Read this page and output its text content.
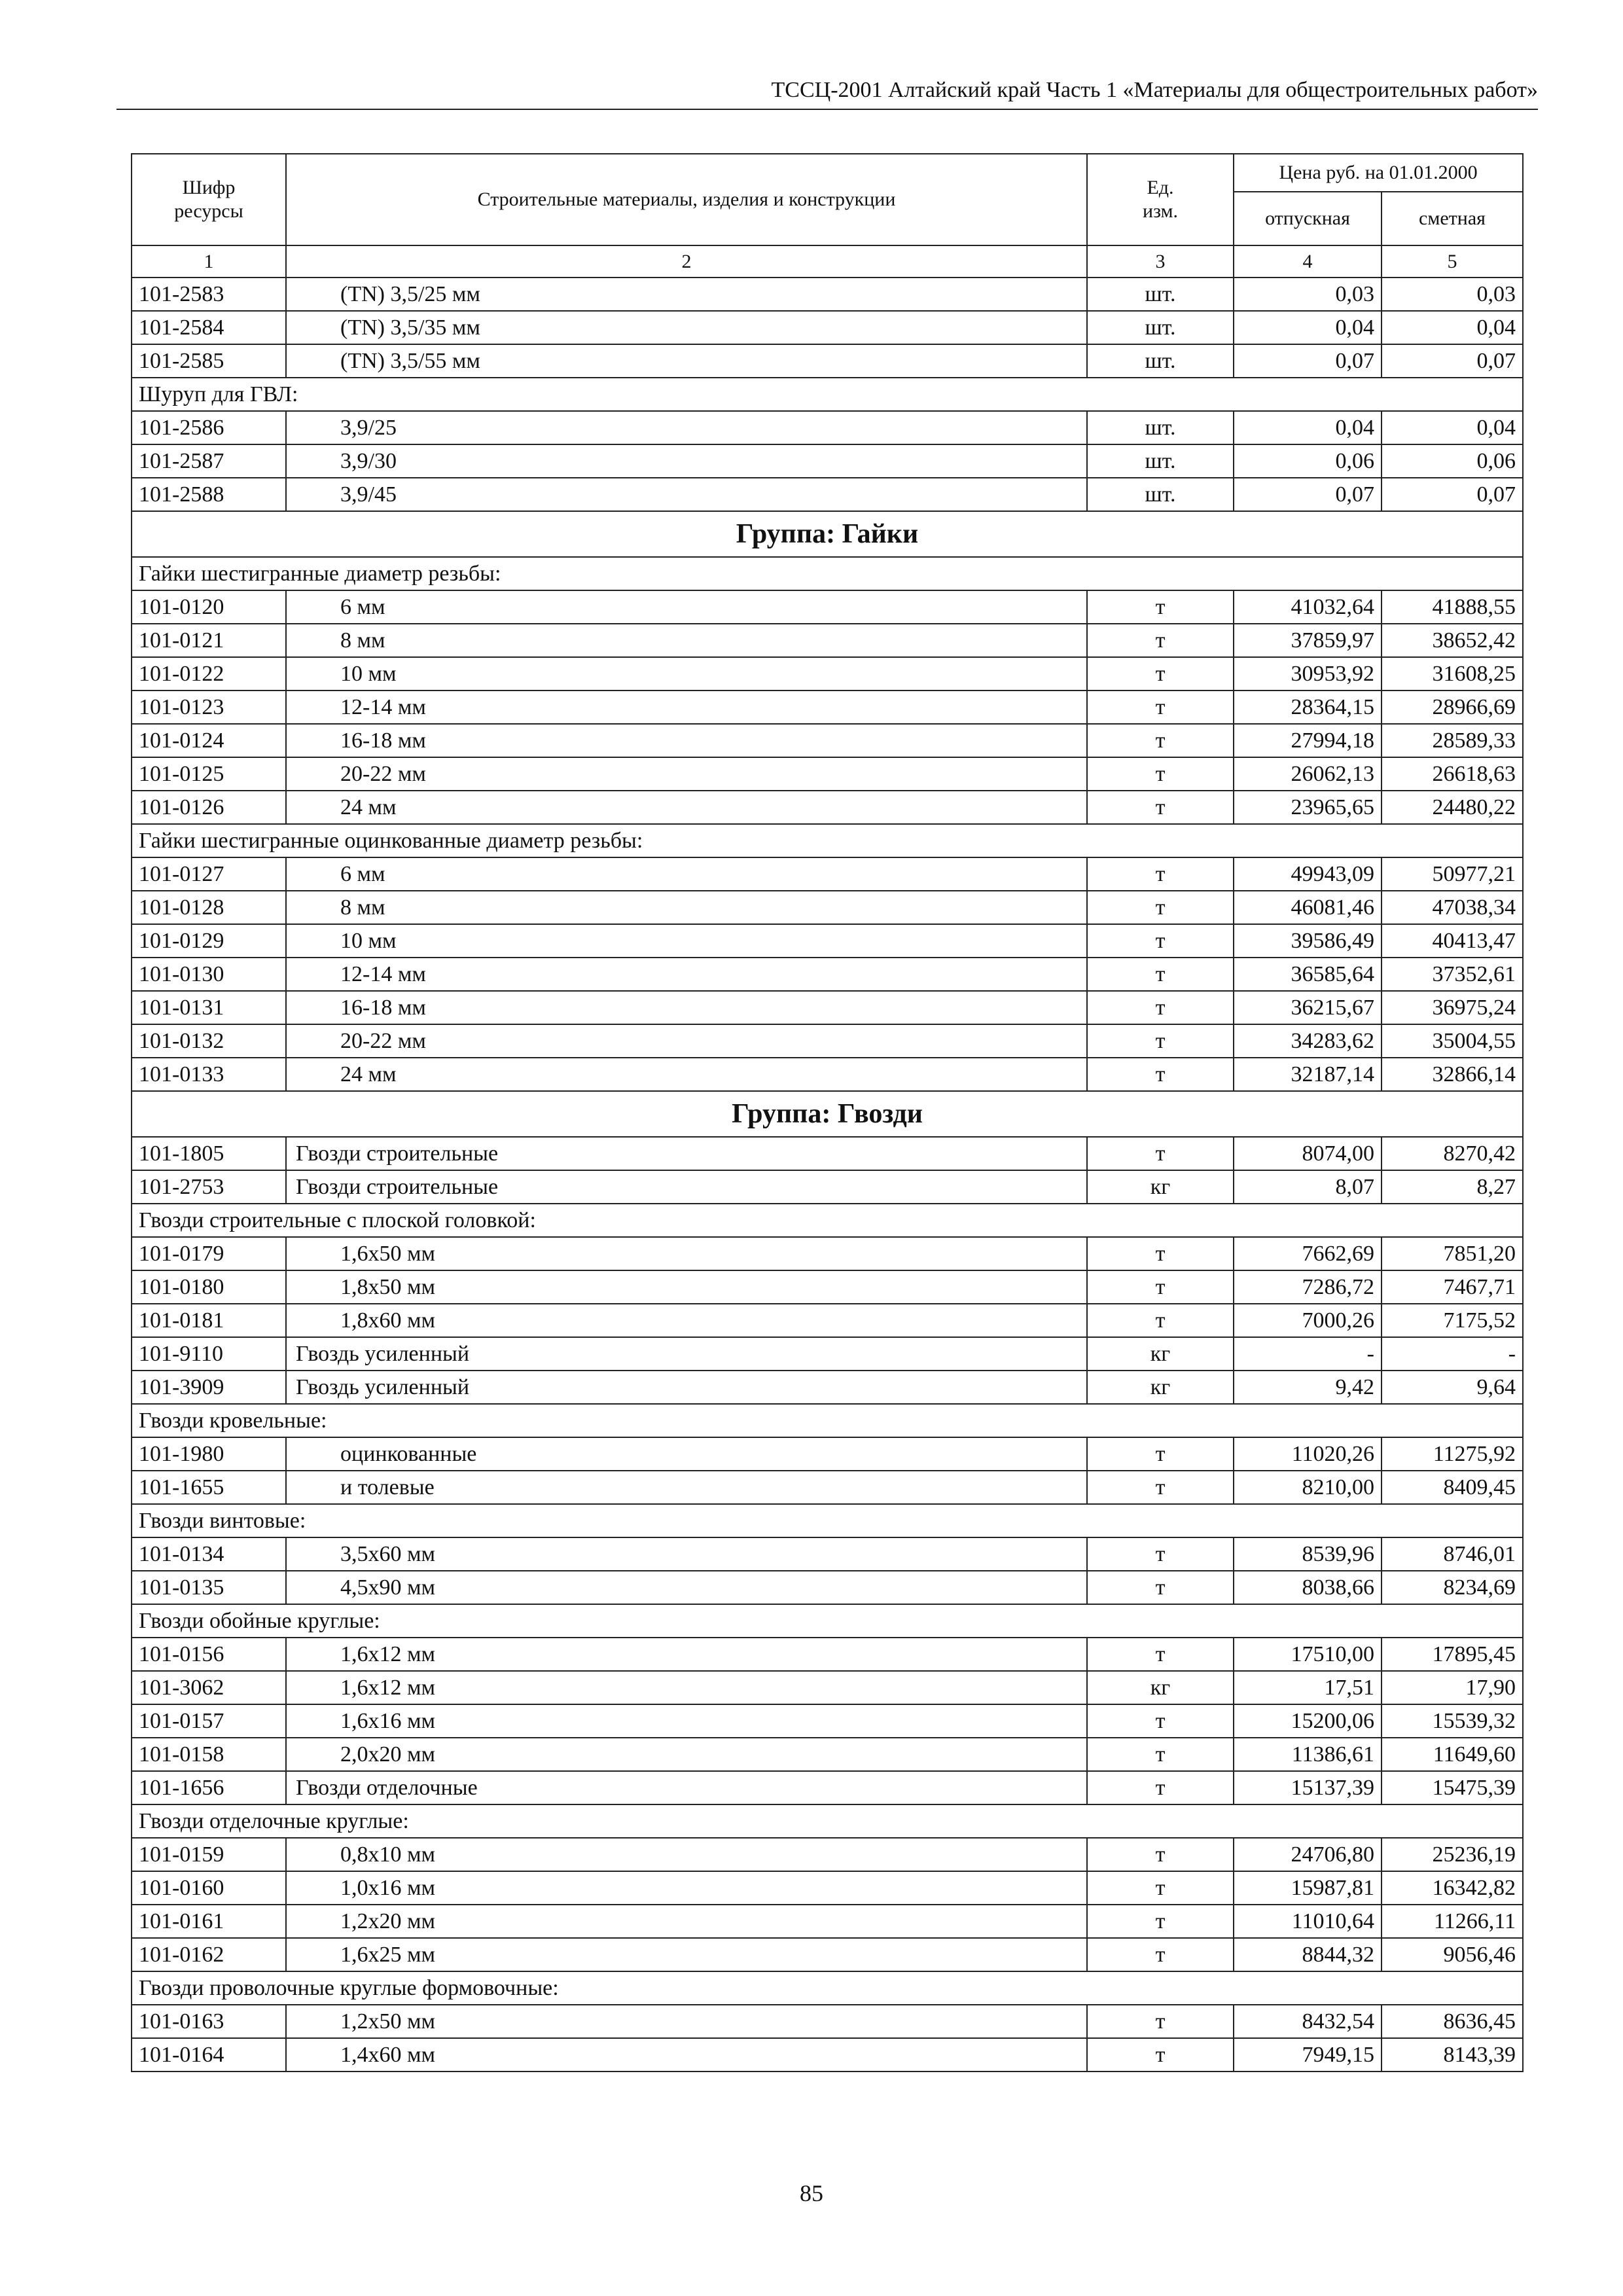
ТССЦ-2001 Алтайский край Часть 1 «Материалы для общестроительных работ»
Шифр ресурсы	Строительные материалы, изделия и конструкции	Ед. изм.	Цена руб. на 01.01.2000	
			отпускная	сметная
1	2	3	4	5
101-2583	(TN) 3,5/25 мм	шт.	0,03	0,03
101-2584	(TN) 3,5/35 мм	шт.	0,04	0,04
101-2585	(TN) 3,5/55 мм	шт.	0,07	0,07
Шуруп для ГВЛ:				
101-2586	3,9/25	шт.	0,04	0,04
101-2587	3,9/30	шт.	0,06	0,06
101-2588	3,9/45	шт.	0,07	0,07
Группа: Гайки				
Гайки шестигранные диаметр резьбы:				
101-0120	6 мм	т	41032,64	41888,55
101-0121	8 мм	т	37859,97	38652,42
101-0122	10 мм	т	30953,92	31608,25
101-0123	12-14 мм	т	28364,15	28966,69
101-0124	16-18 мм	т	27994,18	28589,33
101-0125	20-22 мм	т	26062,13	26618,63
101-0126	24 мм	т	23965,65	24480,22
Гайки шестигранные оцинкованные диаметр резьбы:				
101-0127	6 мм	т	49943,09	50977,21
101-0128	8 мм	т	46081,46	47038,34
101-0129	10 мм	т	39586,49	40413,47
101-0130	12-14 мм	т	36585,64	37352,61
101-0131	16-18 мм	т	36215,67	36975,24
101-0132	20-22 мм	т	34283,62	35004,55
101-0133	24 мм	т	32187,14	32866,14
Группа: Гвозди				
101-1805	Гвозди строительные	т	8074,00	8270,42
101-2753	Гвозди строительные	кг	8,07	8,27
Гвозди строительные с плоской головкой:				
101-0179	1,6х50 мм	т	7662,69	7851,20
101-0180	1,8х50 мм	т	7286,72	7467,71
101-0181	1,8х60 мм	т	7000,26	7175,52
101-9110	Гвоздь усиленный	кг	-	-
101-3909	Гвоздь усиленный	кг	9,42	9,64
Гвозди кровельные:				
101-1980	оцинкованные	т	11020,26	11275,92
101-1655	и толевые	т	8210,00	8409,45
Гвозди винтовые:				
101-0134	3,5х60 мм	т	8539,96	8746,01
101-0135	4,5х90 мм	т	8038,66	8234,69
Гвозди обойные круглые:				
101-0156	1,6х12 мм	т	17510,00	17895,45
101-3062	1,6х12 мм	кг	17,51	17,90
101-0157	1,6х16 мм	т	15200,06	15539,32
101-0158	2,0х20 мм	т	11386,61	11649,60
101-1656	Гвозди отделочные	т	15137,39	15475,39
Гвозди отделочные круглые:				
101-0159	0,8х10 мм	т	24706,80	25236,19
101-0160	1,0х16 мм	т	15987,81	16342,82
101-0161	1,2х20 мм	т	11010,64	11266,11
101-0162	1,6х25 мм	т	8844,32	9056,46
Гвозди проволочные круглые формовочные:				
101-0163	1,2х50 мм	т	8432,54	8636,45
101-0164	1,4х60 мм	т	7949,15	8143,39
85
